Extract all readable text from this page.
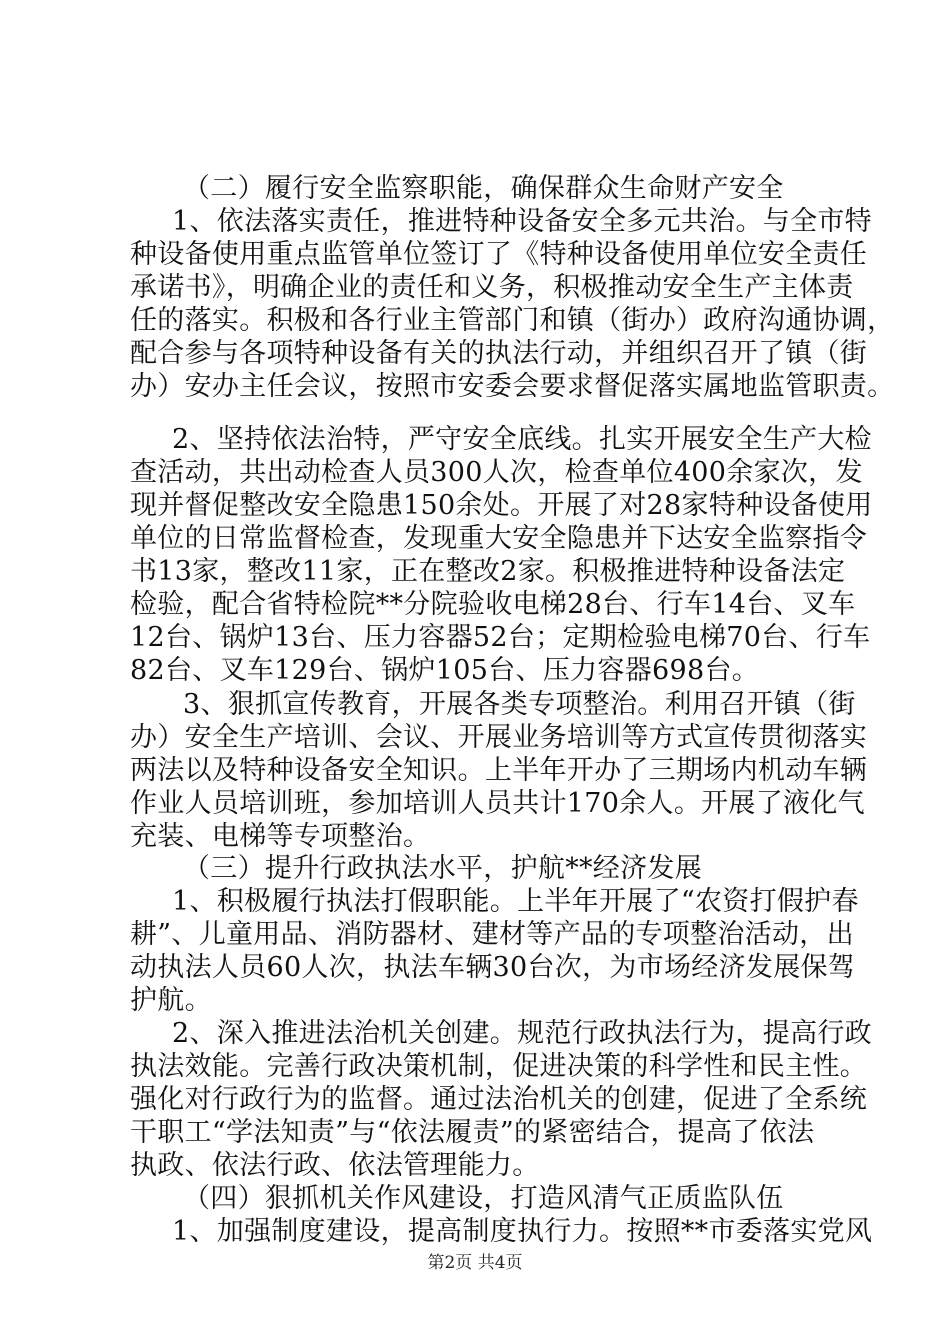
（二）履行安全监察职能，确保群众生命财产安全
1、依法落实责任，推进特种设备安全多元共治。与全市特
种设备使用重点监管单位签订了《特种设备使用单位安全责任
承诺书》，明确企业的责任和义务，积极推动安全生产主体责
任的落实。积极和各行业主管部门和镇（街办）政府沟通协调，
配合参与各项特种设备有关的执法行动，并组织召开了镇（街
办）安办主任会议，按照市安委会要求督促落实属地监管职责。
2、坚持依法治特，严守安全底线。扎实开展安全生产大检
查活动，共出动检查人员300人次，检查单位400余家次，发
现并督促整改安全隐患150余处。开展了对28家特种设备使用
单位的日常监督检查，发现重大安全隐患并下达安全监察指令
书13家，整改11家，正在整改2家。积极推进特种设备法定
检验，配合省特检院**分院验收电梯28台、行车14台、叉车
12台、锅炉13台、压力容器52台；定期检验电梯70台、行车
82台、叉车129台、锅炉105台、压力容器698台。
3、狠抓宣传教育，开展各类专项整治。利用召开镇（街
办）安全生产培训、会议、开展业务培训等方式宣传贯彻落实
两法以及特种设备安全知识。上半年开办了三期场内机动车辆
作业人员培训班，参加培训人员共计170余人。开展了液化气
充装、电梯等专项整治。
（三）提升行政执法水平，护航**经济发展
1、积极履行执法打假职能。上半年开展了“农资打假护春
耕”、儿童用品、消防器材、建材等产品的专项整治活动，出
动执法人员60人次，执法车辆30台次，为市场经济发展保驾
护航。
2、深入推进法治机关创建。规范行政执法行为，提高行政
执法效能。完善行政决策机制，促进决策的科学性和民主性。
强化对行政行为的监督。通过法治机关的创建，促进了全系统
干职工“学法知责”与“依法履责”的紧密结合，提高了依法
执政、依法行政、依法管理能力。
（四）狠抓机关作风建设，打造风清气正质监队伍
1、加强制度建设，提高制度执行力。按照**市委落实党风
第2页 共4页
